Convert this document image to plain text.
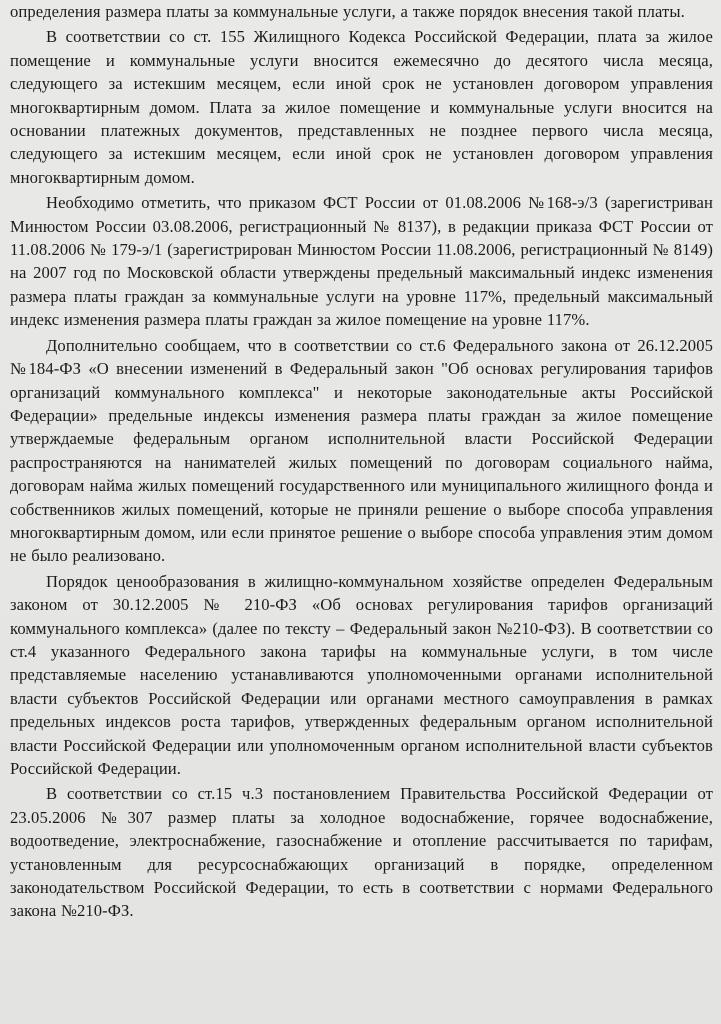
определения размера платы за коммунальные услуги, а также порядок внесения такой платы.

В соответствии со ст. 155 Жилищного Кодекса Российской Федерации, плата за жилое помещение и коммунальные услуги вносится ежемесячно до десятого числа месяца, следующего за истекшим месяцем, если иной срок не установлен договором управления многоквартирным домом. Плата за жилое помещение и коммунальные услуги вносится на основании платежных документов, представленных не позднее первого числа месяца, следующего за истекшим месяцем, если иной срок не установлен договором управления многоквартирным домом.

Необходимо отметить, что приказом ФСТ России от 01.08.2006 №168-э/3 (зарегистриван Минюстом России 03.08.2006, регистрационный № 8137), в редакции приказа ФСТ России от 11.08.2006 № 179-э/1 (зарегистрирован Минюстом России 11.08.2006, регистрационный № 8149) на 2007 год по Московской области утверждены предельный максимальный индекс изменения размера платы граждан за коммунальные услуги на уровне 117%, предельный максимальный индекс изменения размера платы граждан за жилое помещение на уровне 117%.

Дополнительно сообщаем, что в соответствии со ст.6 Федерального закона от 26.12.2005 №184-ФЗ «О внесении изменений в Федеральный закон "Об основах регулирования тарифов организаций коммунального комплекса" и некоторые законодательные акты Российской Федерации» предельные индексы изменения размера платы граждан за жилое помещение утверждаемые федеральным органом исполнительной власти Российской Федерации распространяются на нанимателей жилых помещений по договорам социального найма, договорам найма жилых помещений государственного или муниципального жилищного фонда и собственников жилых помещений, которые не приняли решение о выборе способа управления многоквартирным домом, или если принятое решение о выборе способа управления этим домом не было реализовано.

Порядок ценообразования в жилищно-коммунальном хозяйстве определен Федеральным законом от 30.12.2005 № 210-ФЗ «Об основах регулирования тарифов организаций коммунального комплекса» (далее по тексту – Федеральный закон №210-ФЗ). В соответствии со ст.4 указанного Федерального закона тарифы на коммунальные услуги, в том числе представляемые населению устанавливаются уполномоченными органами исполнительной власти субъектов Российской Федерации или органами местного самоуправления в рамках предельных индексов роста тарифов, утвержденных федеральным органом исполнительной власти Российской Федерации или уполномоченным органом исполнительной власти субъектов Российской Федерации.

В соответствии со ст.15 ч.3 постановлением Правительства Российской Федерации от 23.05.2006 №307 размер платы за холодное водоснабжение, горячее водоснабжение, водоотведение, электроснабжение, газоснабжение и отопление рассчитывается по тарифам, установленным для ресурсоснабжающих организаций в порядке, определенном законодательством Российской Федерации, то есть в соответствии с нормами Федерального закона №210-ФЗ.
